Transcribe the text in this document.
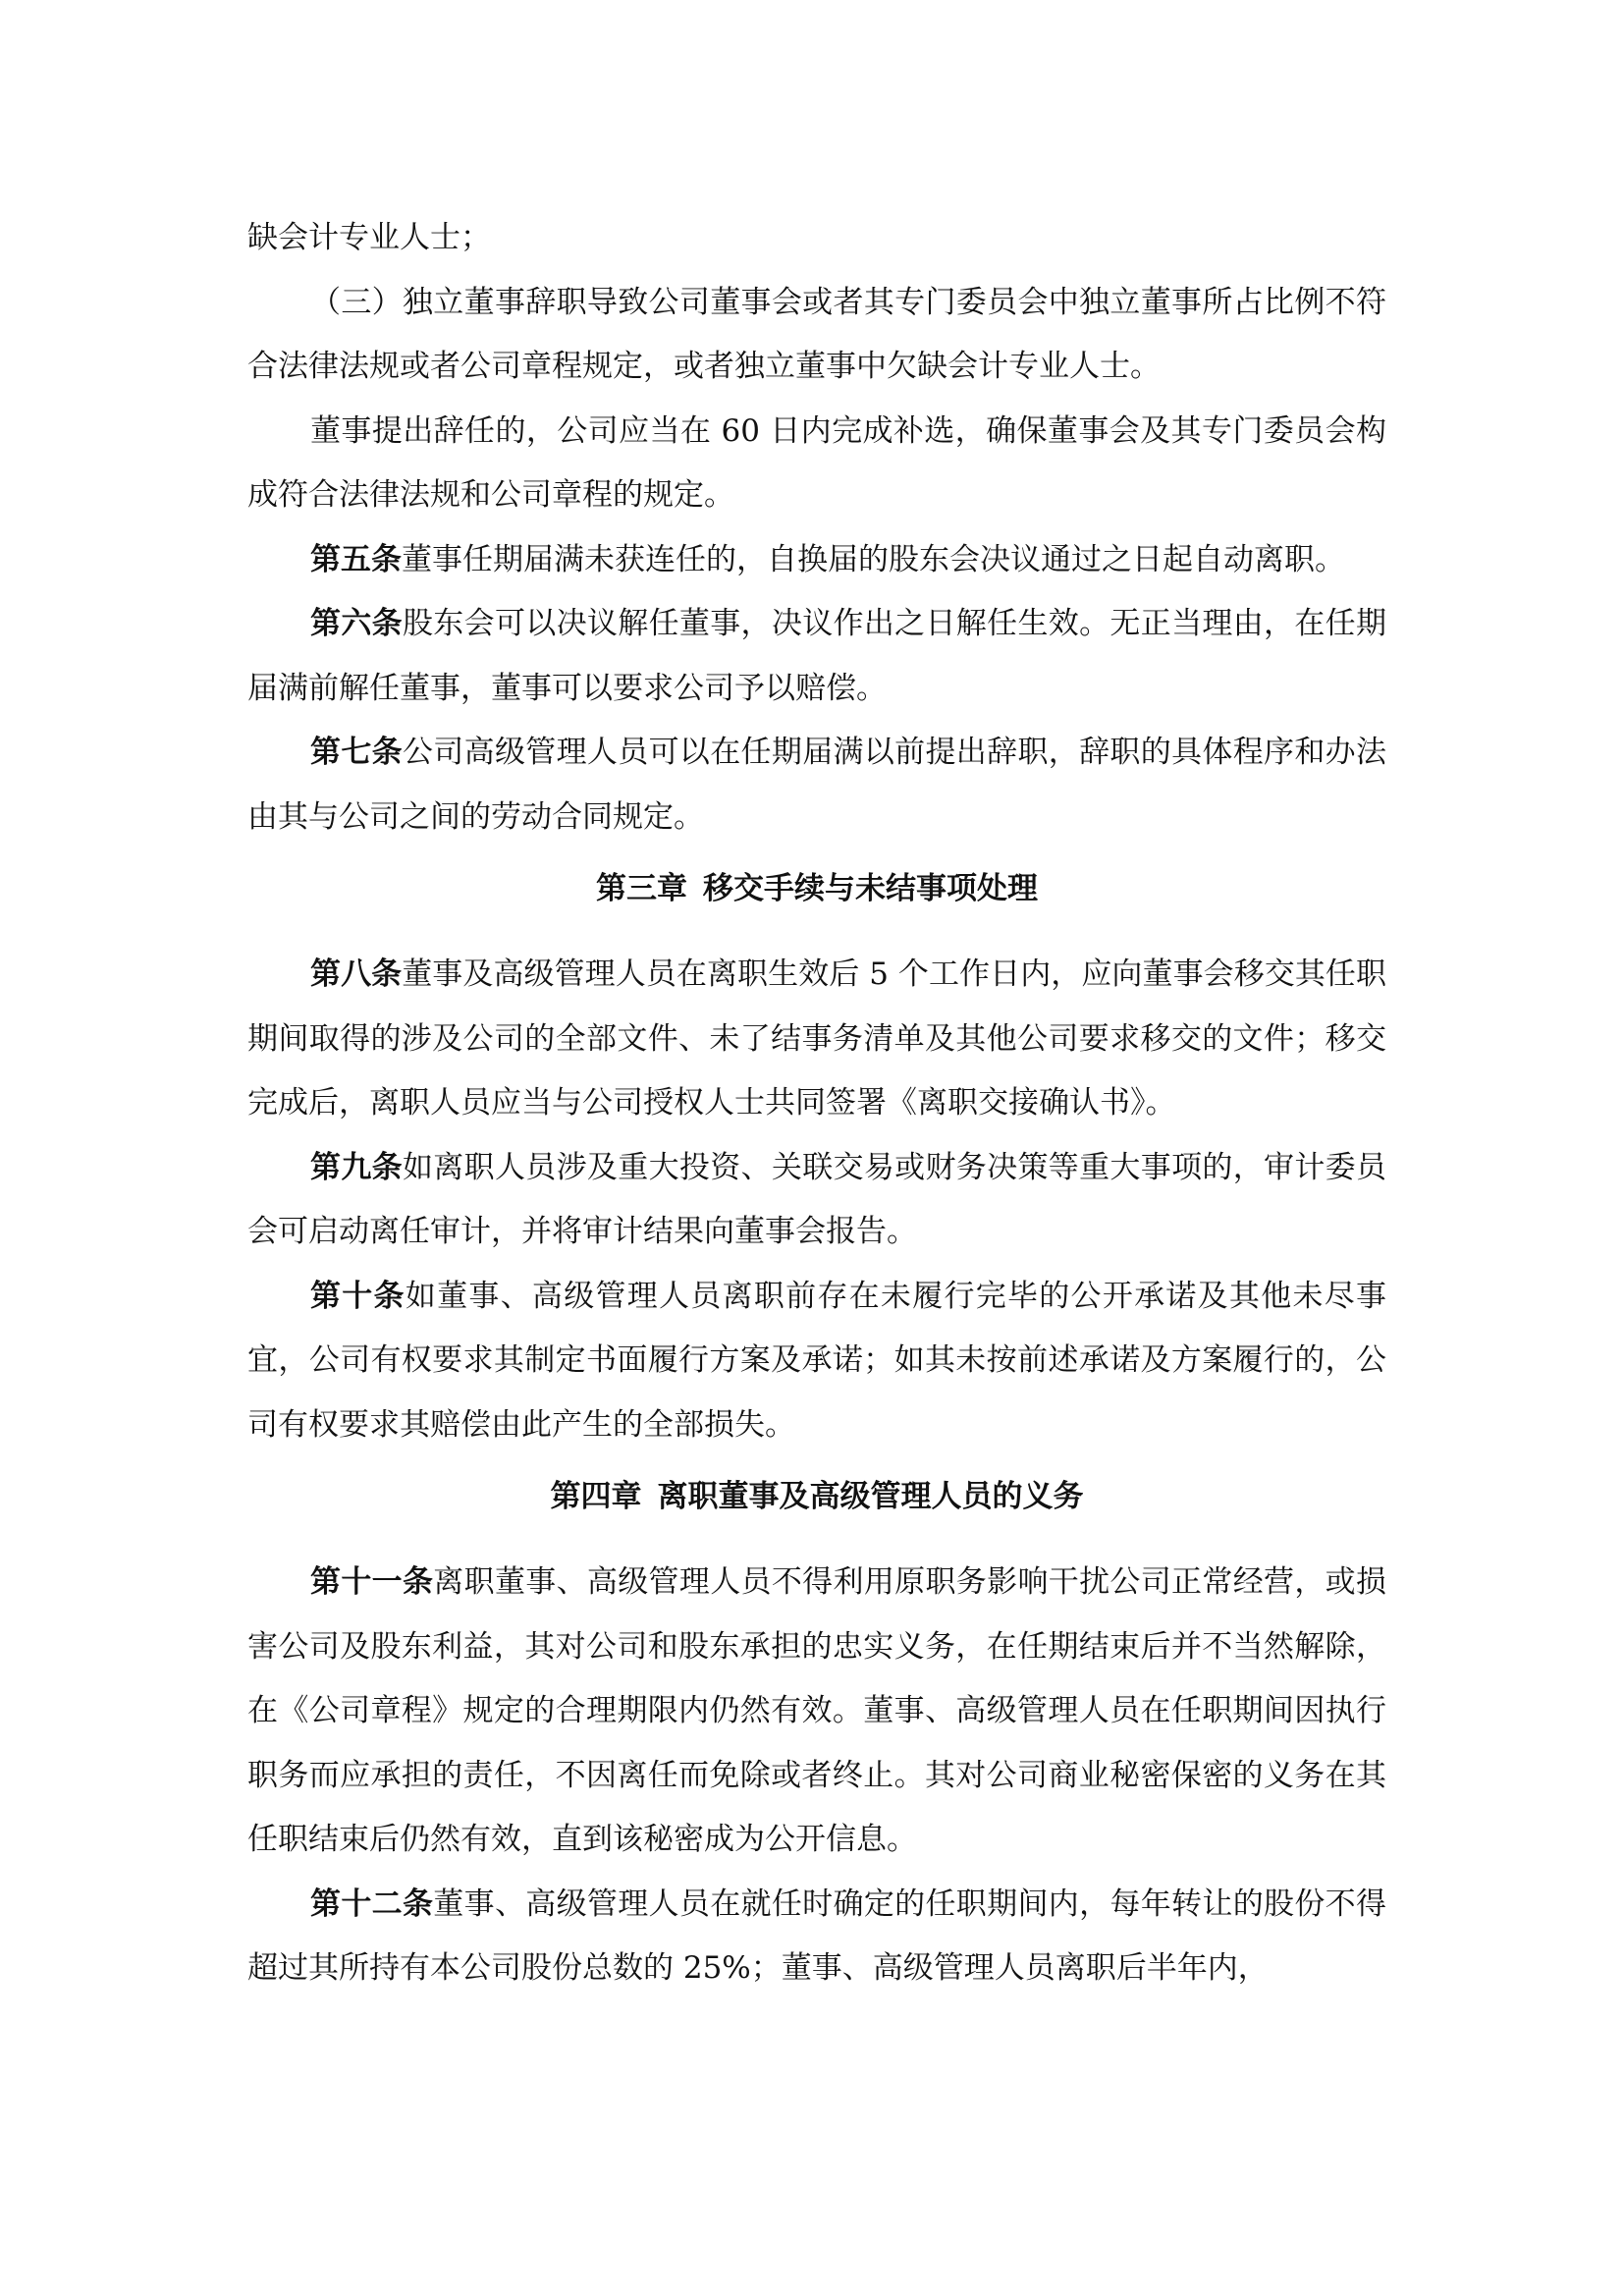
缺会计专业人士；

（三）独立董事辞职导致公司董事会或者其专门委员会中独立董事所占比例不符合法律法规或者公司章程规定，或者独立董事中欠缺会计专业人士。

董事提出辞任的，公司应当在 60 日内完成补选，确保董事会及其专门委员会构成符合法律法规和公司章程的规定。

第五条董事任期届满未获连任的，自换届的股东会决议通过之日起自动离职。

第六条股东会可以决议解任董事，决议作出之日解任生效。无正当理由，在任期届满前解任董事，董事可以要求公司予以赔偿。

第七条公司高级管理人员可以在任期届满以前提出辞职，辞职的具体程序和办法由其与公司之间的劳动合同规定。

第三章 移交手续与未结事项处理

第八条董事及高级管理人员在离职生效后 5 个工作日内，应向董事会移交其任职期间取得的涉及公司的全部文件、未了结事务清单及其他公司要求移交的文件；移交完成后，离职人员应当与公司授权人士共同签署《离职交接确认书》。

第九条如离职人员涉及重大投资、关联交易或财务决策等重大事项的，审计委员会可启动离任审计，并将审计结果向董事会报告。

第十条如董事、高级管理人员离职前存在未履行完毕的公开承诺及其他未尽事宜，公司有权要求其制定书面履行方案及承诺；如其未按前述承诺及方案履行的，公司有权要求其赔偿由此产生的全部损失。

第四章 离职董事及高级管理人员的义务

第十一条离职董事、高级管理人员不得利用原职务影响干扰公司正常经营，或损害公司及股东利益，其对公司和股东承担的忠实义务，在任期结束后并不当然解除，在《公司章程》规定的合理期限内仍然有效。董事、高级管理人员在任职期间因执行职务而应承担的责任，不因离任而免除或者终止。其对公司商业秘密保密的义务在其任职结束后仍然有效，直到该秘密成为公开信息。

第十二条董事、高级管理人员在就任时确定的任职期间内，每年转让的股份不得超过其所持有本公司股份总数的 25%；董事、高级管理人员离职后半年内，
